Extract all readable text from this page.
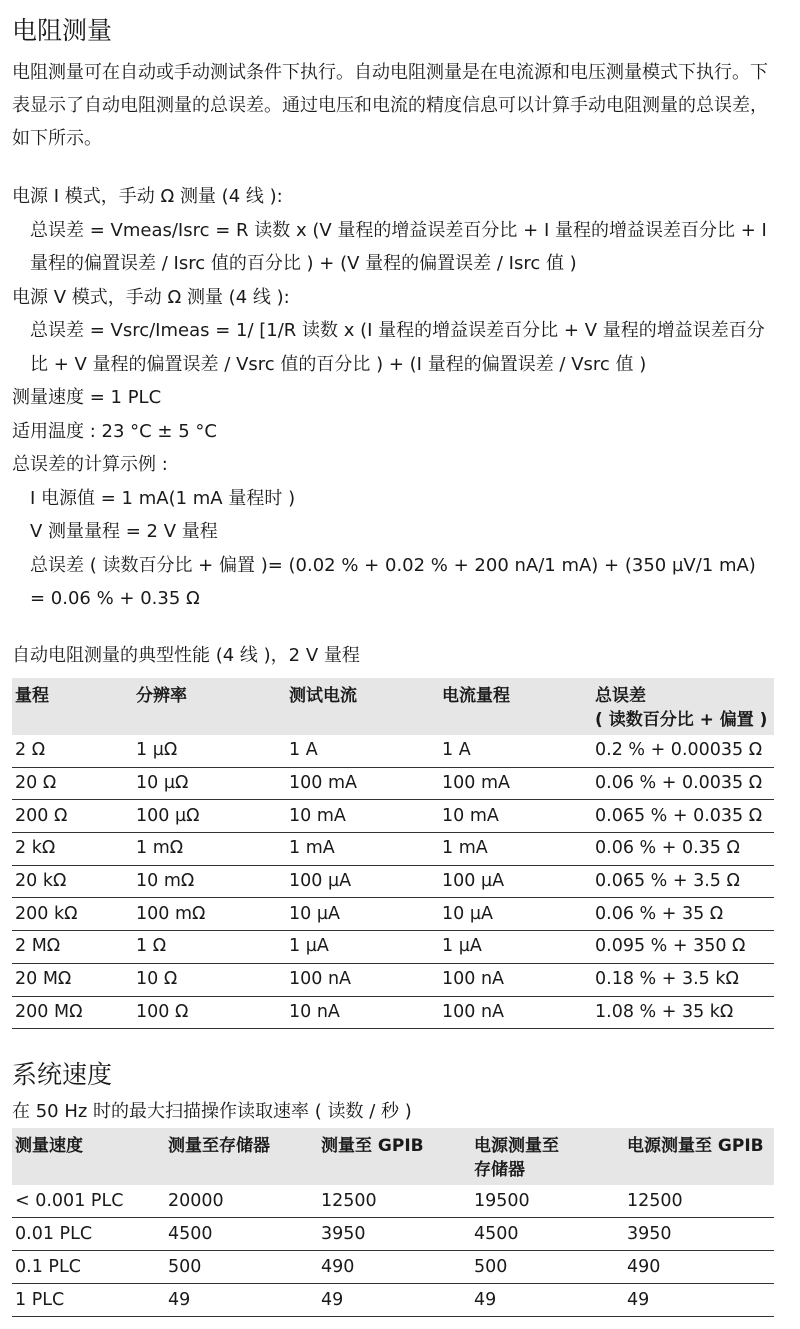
电阻测量
电阻测量可在自动或手动测试条件下执行。自动电阻测量是在电流源和电压测量模式下执行。下表显示了自动电阻测量的总误差。通过电压和电流的精度信息可以计算手动电阻测量的总误差，如下所示。

电源 I 模式，手动 Ω 测量 (4 线 ):

总误差 = Vmeas/Isrc = R 读数 x (V 量程的增益误差百分比 + I 量程的增益误差百分比 + I 量程的偏置误差 / Isrc 值的百分比 ) + (V 量程的偏置误差 / Isrc 值 )

电源 V 模式，手动 Ω 测量 (4 线 ):

总误差 = Vsrc/Imeas = 1/ [1/R 读数 x (I 量程的增益误差百分比 + V 量程的增益误差百分比 + V 量程的偏置误差 / Vsrc 值的百分比 ) + (I 量程的偏置误差 / Vsrc 值 )

测量速度 = 1 PLC

适用温度 : 23 °C ± 5 °C

总误差的计算示例 :

I 电源值 = 1 mA(1 mA 量程时 )

V 测量量程 = 2 V 量程

总误差 ( 读数百分比 + 偏置 )= (0.02 % + 0.02 % + 200 nA/1 mA) + (350 µV/1 mA) = 0.06 % + 0.35 Ω

自动电阻测量的典型性能 (4 线 )，2 V 量程
量程	分辨率	测试电流	电流量程	总误差
( 读数百分比 + 偏置 )
2 Ω	1 µΩ	1 A	1 A	0.2 % + 0.00035 Ω
20 Ω	10 µΩ	100 mA	100 mA	0.06 % + 0.0035 Ω
200 Ω	100 µΩ	10 mA	10 mA	0.065 % + 0.035 Ω
2 kΩ	1 mΩ	1 mA	1 mA	0.06 % + 0.35 Ω
20 kΩ	10 mΩ	100 µA	100 µA	0.065 % + 3.5 Ω
200 kΩ	100 mΩ	10 µA	10 µA	0.06 % + 35 Ω
2 MΩ	1 Ω	1 µA	1 µA	0.095 % + 350 Ω
20 MΩ	10 Ω	100 nA	100 nA	0.18 % + 3.5 kΩ
200 MΩ	100 Ω	10 nA	100 nA	1.08 % + 35 kΩ
系统速度
在 50 Hz 时的最大扫描操作读取速率 ( 读数 / 秒 )
测量速度	测量至存储器	测量至 GPIB	电源测量至
存储器	电源测量至 GPIB
< 0.001 PLC	20000	12500	19500	12500
0.01 PLC	4500	3950	4500	3950
0.1 PLC	500	490	500	490
1 PLC	49	49	49	49
